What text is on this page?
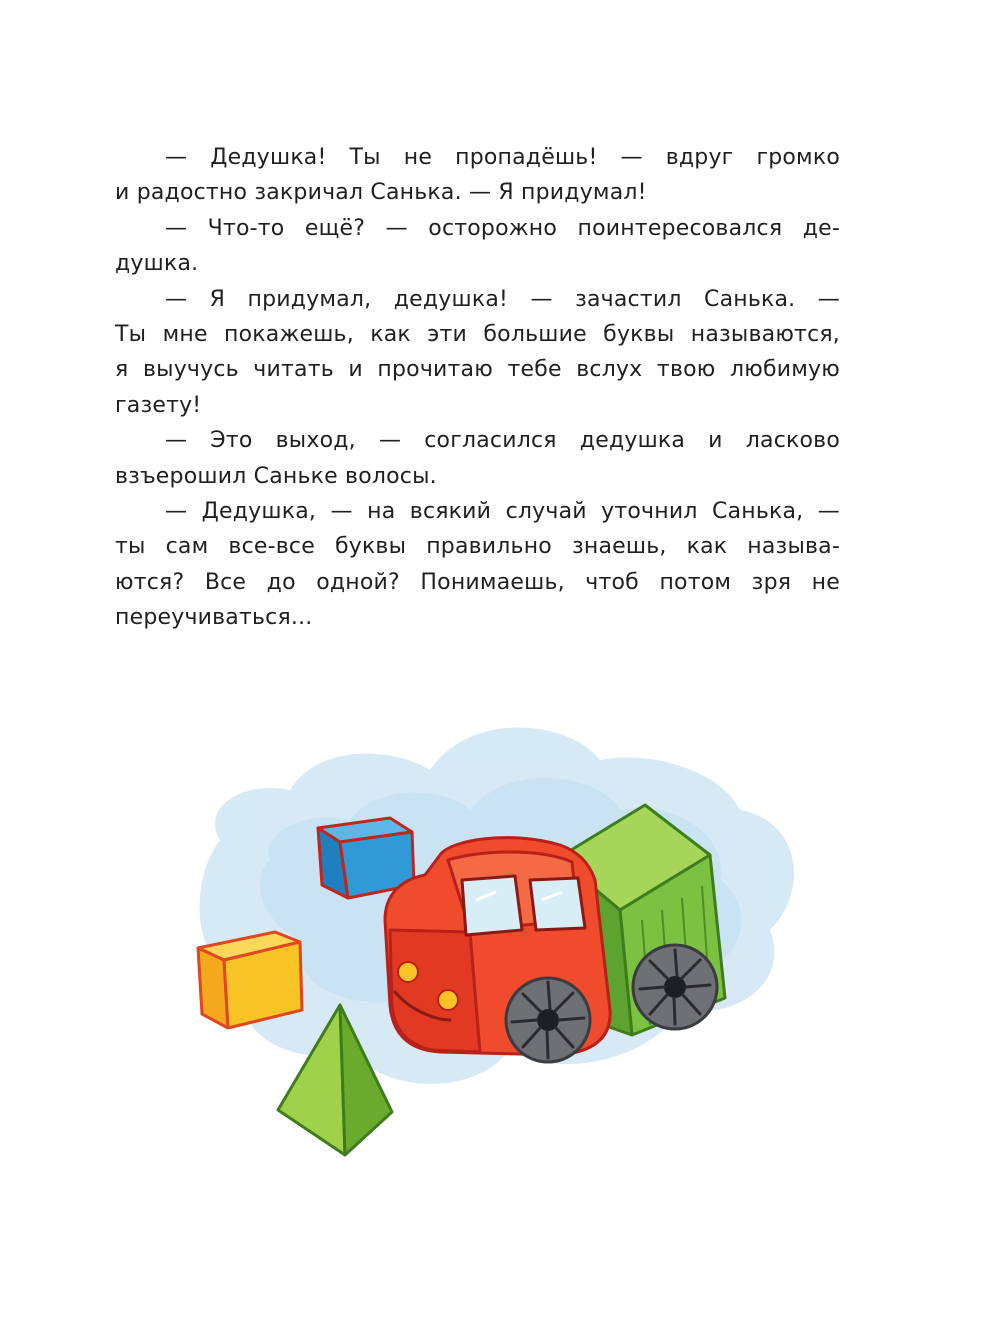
— Дедушка! Ты не пропадёшь! — вдруг громко
и радостно закричал Санька. — Я придумал!
— Что-то ещё? — осторожно поинтересовался де-
душка.
— Я придумал, дедушка! — зачастил Санька. —
Ты мне покажешь, как эти большие буквы называются,
я выучусь читать и прочитаю тебе вслух твою любимую
газету!
— Это выход, — согласился дедушка и ласково
взъерошил Саньке волосы.
— Дедушка, — на всякий случай уточнил Санька, —
ты сам все-все буквы правильно знаешь, как называ-
ются? Все до одной? Понимаешь, чтоб потом зря не
переучиваться...
